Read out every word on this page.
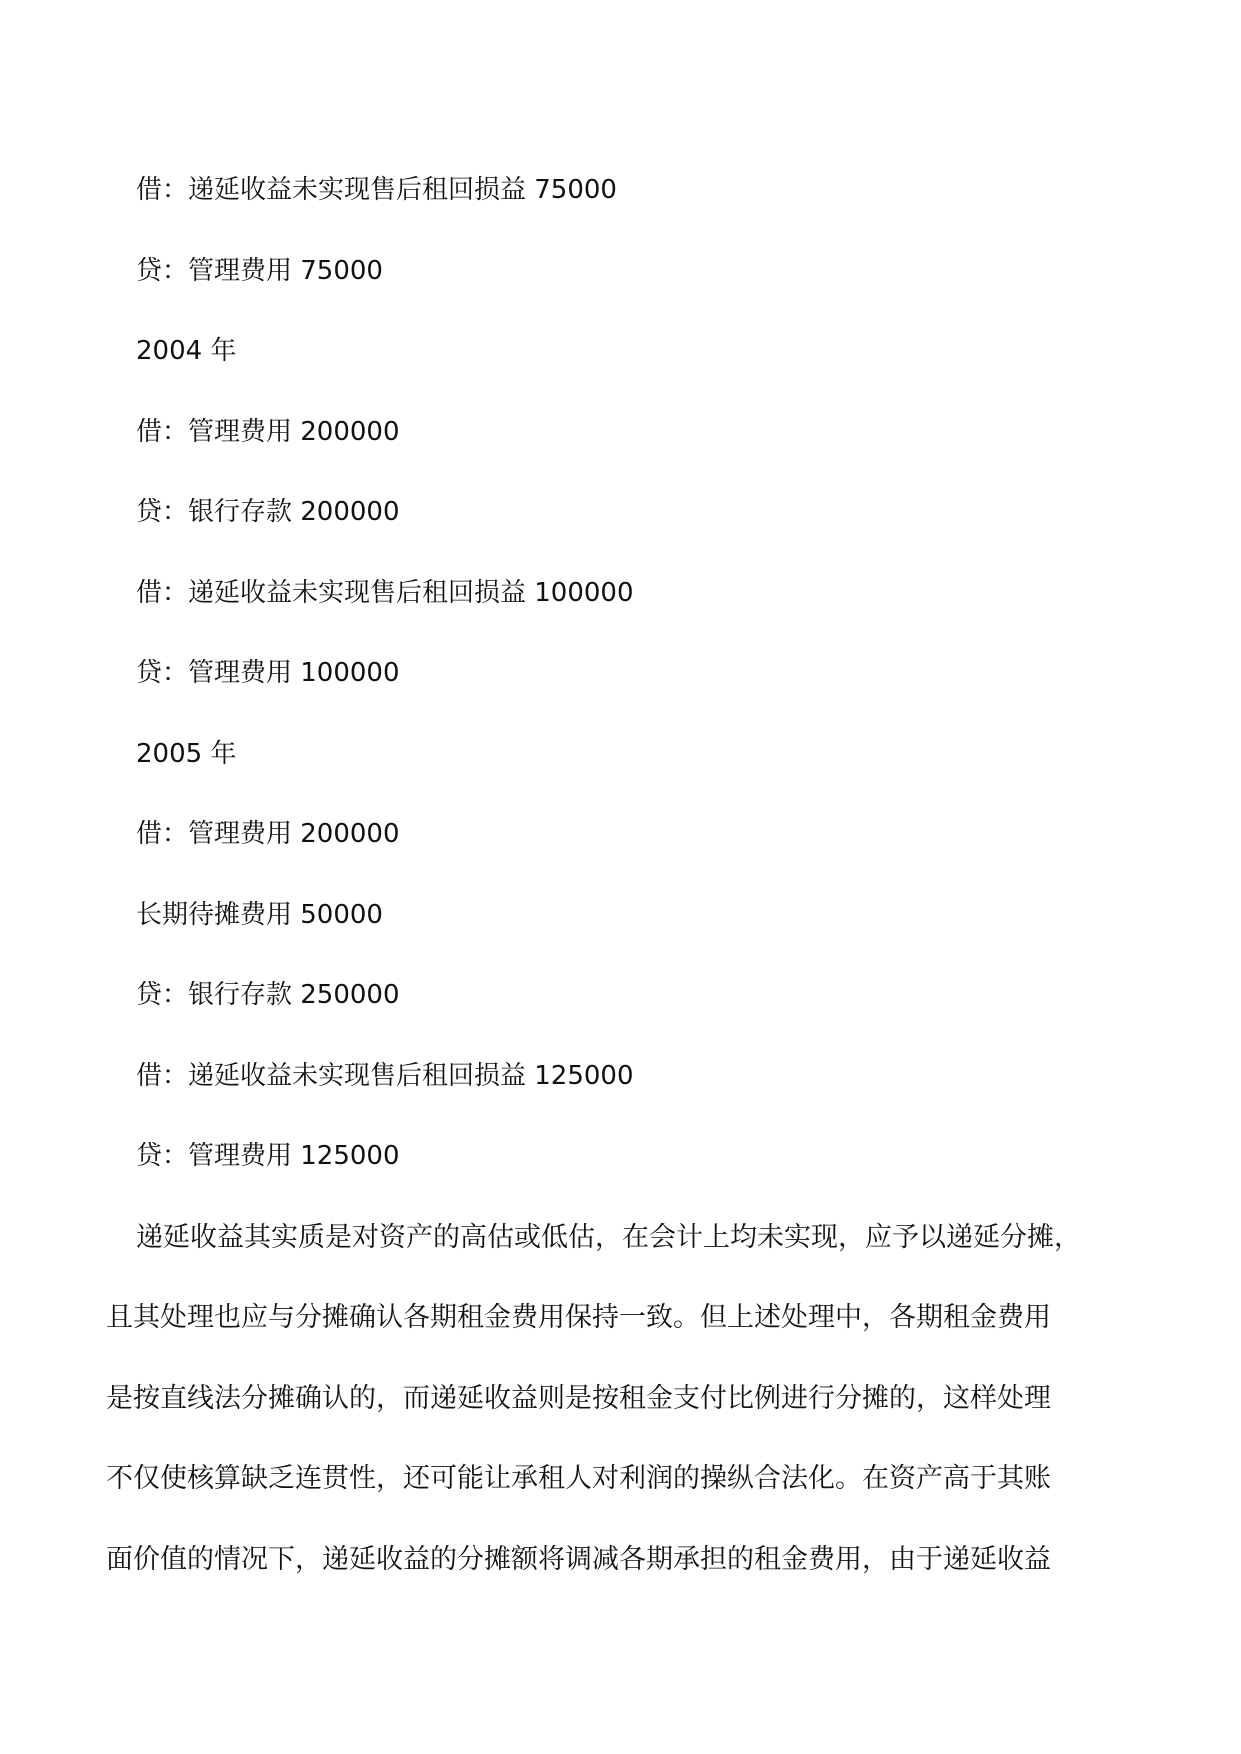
借：递延收益未实现售后租回损益 75000

贷：管理费用 75000

2004 年

借：管理费用 200000

贷：银行存款 200000

借：递延收益未实现售后租回损益 100000

贷：管理费用 100000

2005 年

借：管理费用 200000

长期待摊费用 50000

贷：银行存款 250000

借：递延收益未实现售后租回损益 125000

贷：管理费用 125000

递延收益其实质是对资产的高估或低估，在会计上均未实现，应予以递延分摊，

且其处理也应与分摊确认各期租金费用保持一致。但上述处理中，各期租金费用

是按直线法分摊确认的，而递延收益则是按租金支付比例进行分摊的，这样处理

不仅使核算缺乏连贯性，还可能让承租人对利润的操纵合法化。在资产高于其账

面价值的情况下，递延收益的分摊额将调减各期承担的租金费用，由于递延收益
